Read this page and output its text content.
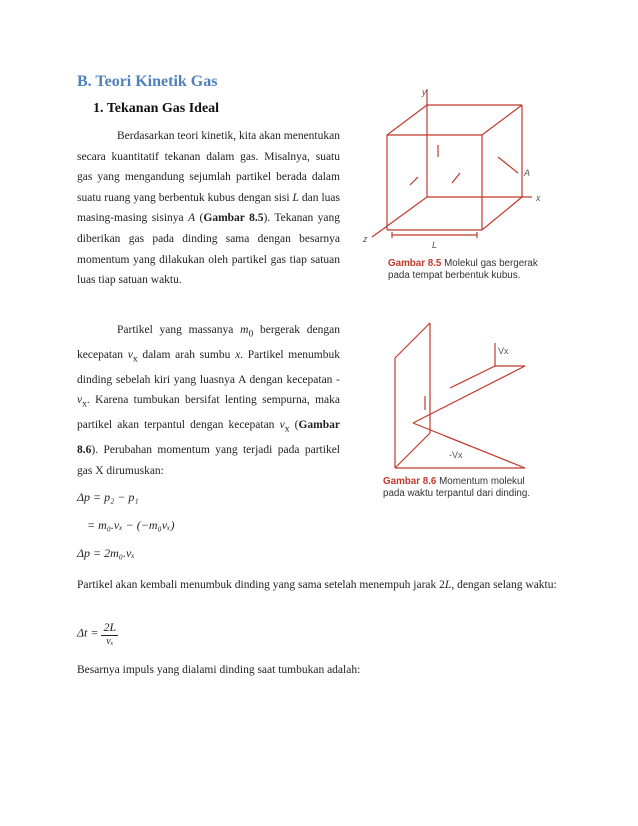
B. Teori Kinetik Gas
1. Tekanan Gas Ideal

Berdasarkan teori kinetik, kita akan menentukan secara kuantitatif tekanan dalam gas. Misalnya, suatu gas yang mengandung sejumlah partikel berada dalam suatu ruang yang berbentuk kubus dengan sisi L dan luas masing-masing sisinya A (Gambar 8.5). Tekanan yang diberikan gas pada dinding sama dengan besarnya momentum yang dilakukan oleh partikel gas tiap satuan luas tiap satuan waktu.

Partikel yang massanya $m_0$ bergerak dengan kecepatan $v_x$ dalam arah sumbu x. Partikel menumbuk dinding sebelah kiri yang luasnya A dengan kecepatan $-v_x$. Karena tumbukan bersifat lenting sempurna, maka partikel akan terpantul dengan kecepatan $v_x$ (Gambar 8.6). Perubahan momentum yang terjadi pada partikel gas X dirumuskan:

Δp = p₂ − p₁
= m₀.vₓ − (−m₀vₓ)
Δp = 2m₀.vₓ
Partikel akan kembali menumbuk dinding yang sama setelah menempuh jarak 2L, dengan selang waktu:
$\Delta t = \frac{2L}{\text{vₓ}}$
Besarnya impuls yang dialami dinding saat tumbukan adalah:
y
x
z
A
L
Gambar 8.5 Molekul gas bergerak pada tempat berbentuk kubus.
Vx
-Vx
Gambar 8.6 Momentum molekul pada waktu terpantul dari dinding.
